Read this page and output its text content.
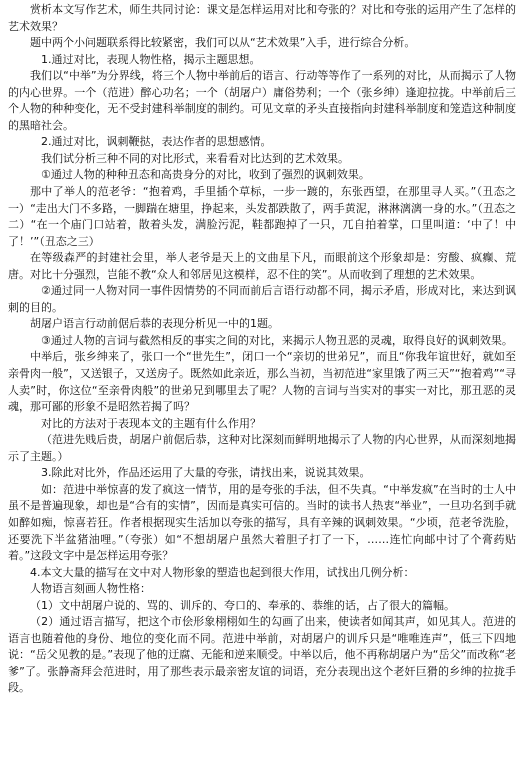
赏析本文写作艺术，师生共同讨论：课文是怎样运用对比和夸张的？对比和夸张的运用产生了怎样的艺术效果？

题中两个小问题联系得比较紧密，我们可以从“艺术效果”入手，进行综合分析。

1.通过对比，表现人物性格，揭示主题思想。

我们以“中举”为分界线，将三个人物中举前后的语言、行动等等作了一系列的对比，从而揭示了人物的内心世界。一个（范进）醉心功名；一个（胡屠户）庸俗势利；一个（张乡绅）逢迎拉拢。中举前后三个人物的种种变化，无不受封建科举制度的制约。可见文章的矛头直接指向封建科举制度和笼造这种制度的黑暗社会。

2.通过对比，讽刺鞭挞，表达作者的思想感情。

我们试分析三种不同的对比形式，来看看对比达到的艺术效果。

①通过人物的种种丑态和高贵身分的对比，收到了强烈的讽刺效果。

那中了举人的范老爷：“抱着鸡，手里插个草标，一步一踱的，东张西望，在那里寻人买。”（丑态之一）“走出大门不多路，一脚踹在塘里，挣起来，头发都跌散了，两手黄泥，淋淋漓漓一身的水。”（丑态之二）“在一个庙门口站着，散着头发，满脸污泥，鞋都跑掉了一只，兀自拍着掌，口里叫道：‘中了！中了！’”（丑态之三）

在等级森严的封建社会里，举人老爷是天上的文曲星下凡，而眼前这个形象却是：穷酸、疯癫、荒唐。对比十分强烈，岂能不教“众人和邻居见这模样，忍不住的笑”。从而收到了理想的艺术效果。

②通过同一人物对同一事件因情势的不同而前后言语行动都不同，揭示矛盾，形成对比，来达到讽刺的目的。

胡屠户语言行动前倨后恭的表现分析见一中的1题。

③通过人物的言词与截然相反的事实之间的对比，来揭示人物丑恶的灵魂，取得良好的讽刺效果。

中举后，张乡绅来了，张口一个“世先生”，闭口一个“亲切的世弟兄”，而且“你我年谊世好，就如至亲骨肉一般”，又送银子，又送房子。既然如此亲近，那么当初，当初范进“家里饿了两三天”“抱着鸡”“寻人卖”时，你这位“至亲骨肉般”的世弟兄到哪里去了呢？人物的言词与当实对的事实一对比，那丑恶的灵魂，那可鄙的形象不是昭然若揭了吗？

对比的方法对于表现本文的主题有什么作用？

（范进先贱后贵，胡屠户前倨后恭，这种对比深刻而鲜明地揭示了人物的内心世界，从而深刻地揭示了主题。）

3.除此对比外，作品还运用了大量的夸张，请找出来，说说其效果。

如：范进中举惊喜的发了疯这一情节，用的是夸张的手法，但不失真。“中举发疯”在当时的士人中虽不是普遍现象，却也是“合有的实情”，因而是真实可信的。当时的读书人热衷“举业”，一旦功名到手就如醉如痴，惊喜若狂。作者根据现实生活加以夸张的描写，具有辛辣的讽刺效果。“少顷，范老爷洗脸，还要洗下半盆猪油哩。”（夸张）如“不想胡屠户虽然大着胆子打了一下，……连忙向邮中讨了个膏药贴着。”这段文字中是怎样运用夸张？

4.本文大量的描写在文中对人物形象的塑造也起到很大作用，试找出几例分析：

人物语言刻画人物性格：

（1）文中胡屠户说的、骂的、训斥的、夸口的、奉承的、恭维的话，占了很大的篇幅。

（2）通过语言描写，把这个市侩形象栩栩如生的勾画了出来，使读者如闻其声，如见其人。范进的语言也随着他的身份、地位的变化而不同。范进中举前，对胡屠户的训斥只是“唯唯连声”，低三下四地说：“岳父见教的是。”表现了他的迂腐、无能和逆来顺受。中举以后，他不再称胡屠户为“岳父”而改称“老爹”了。张静斋拜会范进时，用了那些表示最亲密友谊的词语，充分表现出这个老奸巨猾的乡绅的拉拢手段。
